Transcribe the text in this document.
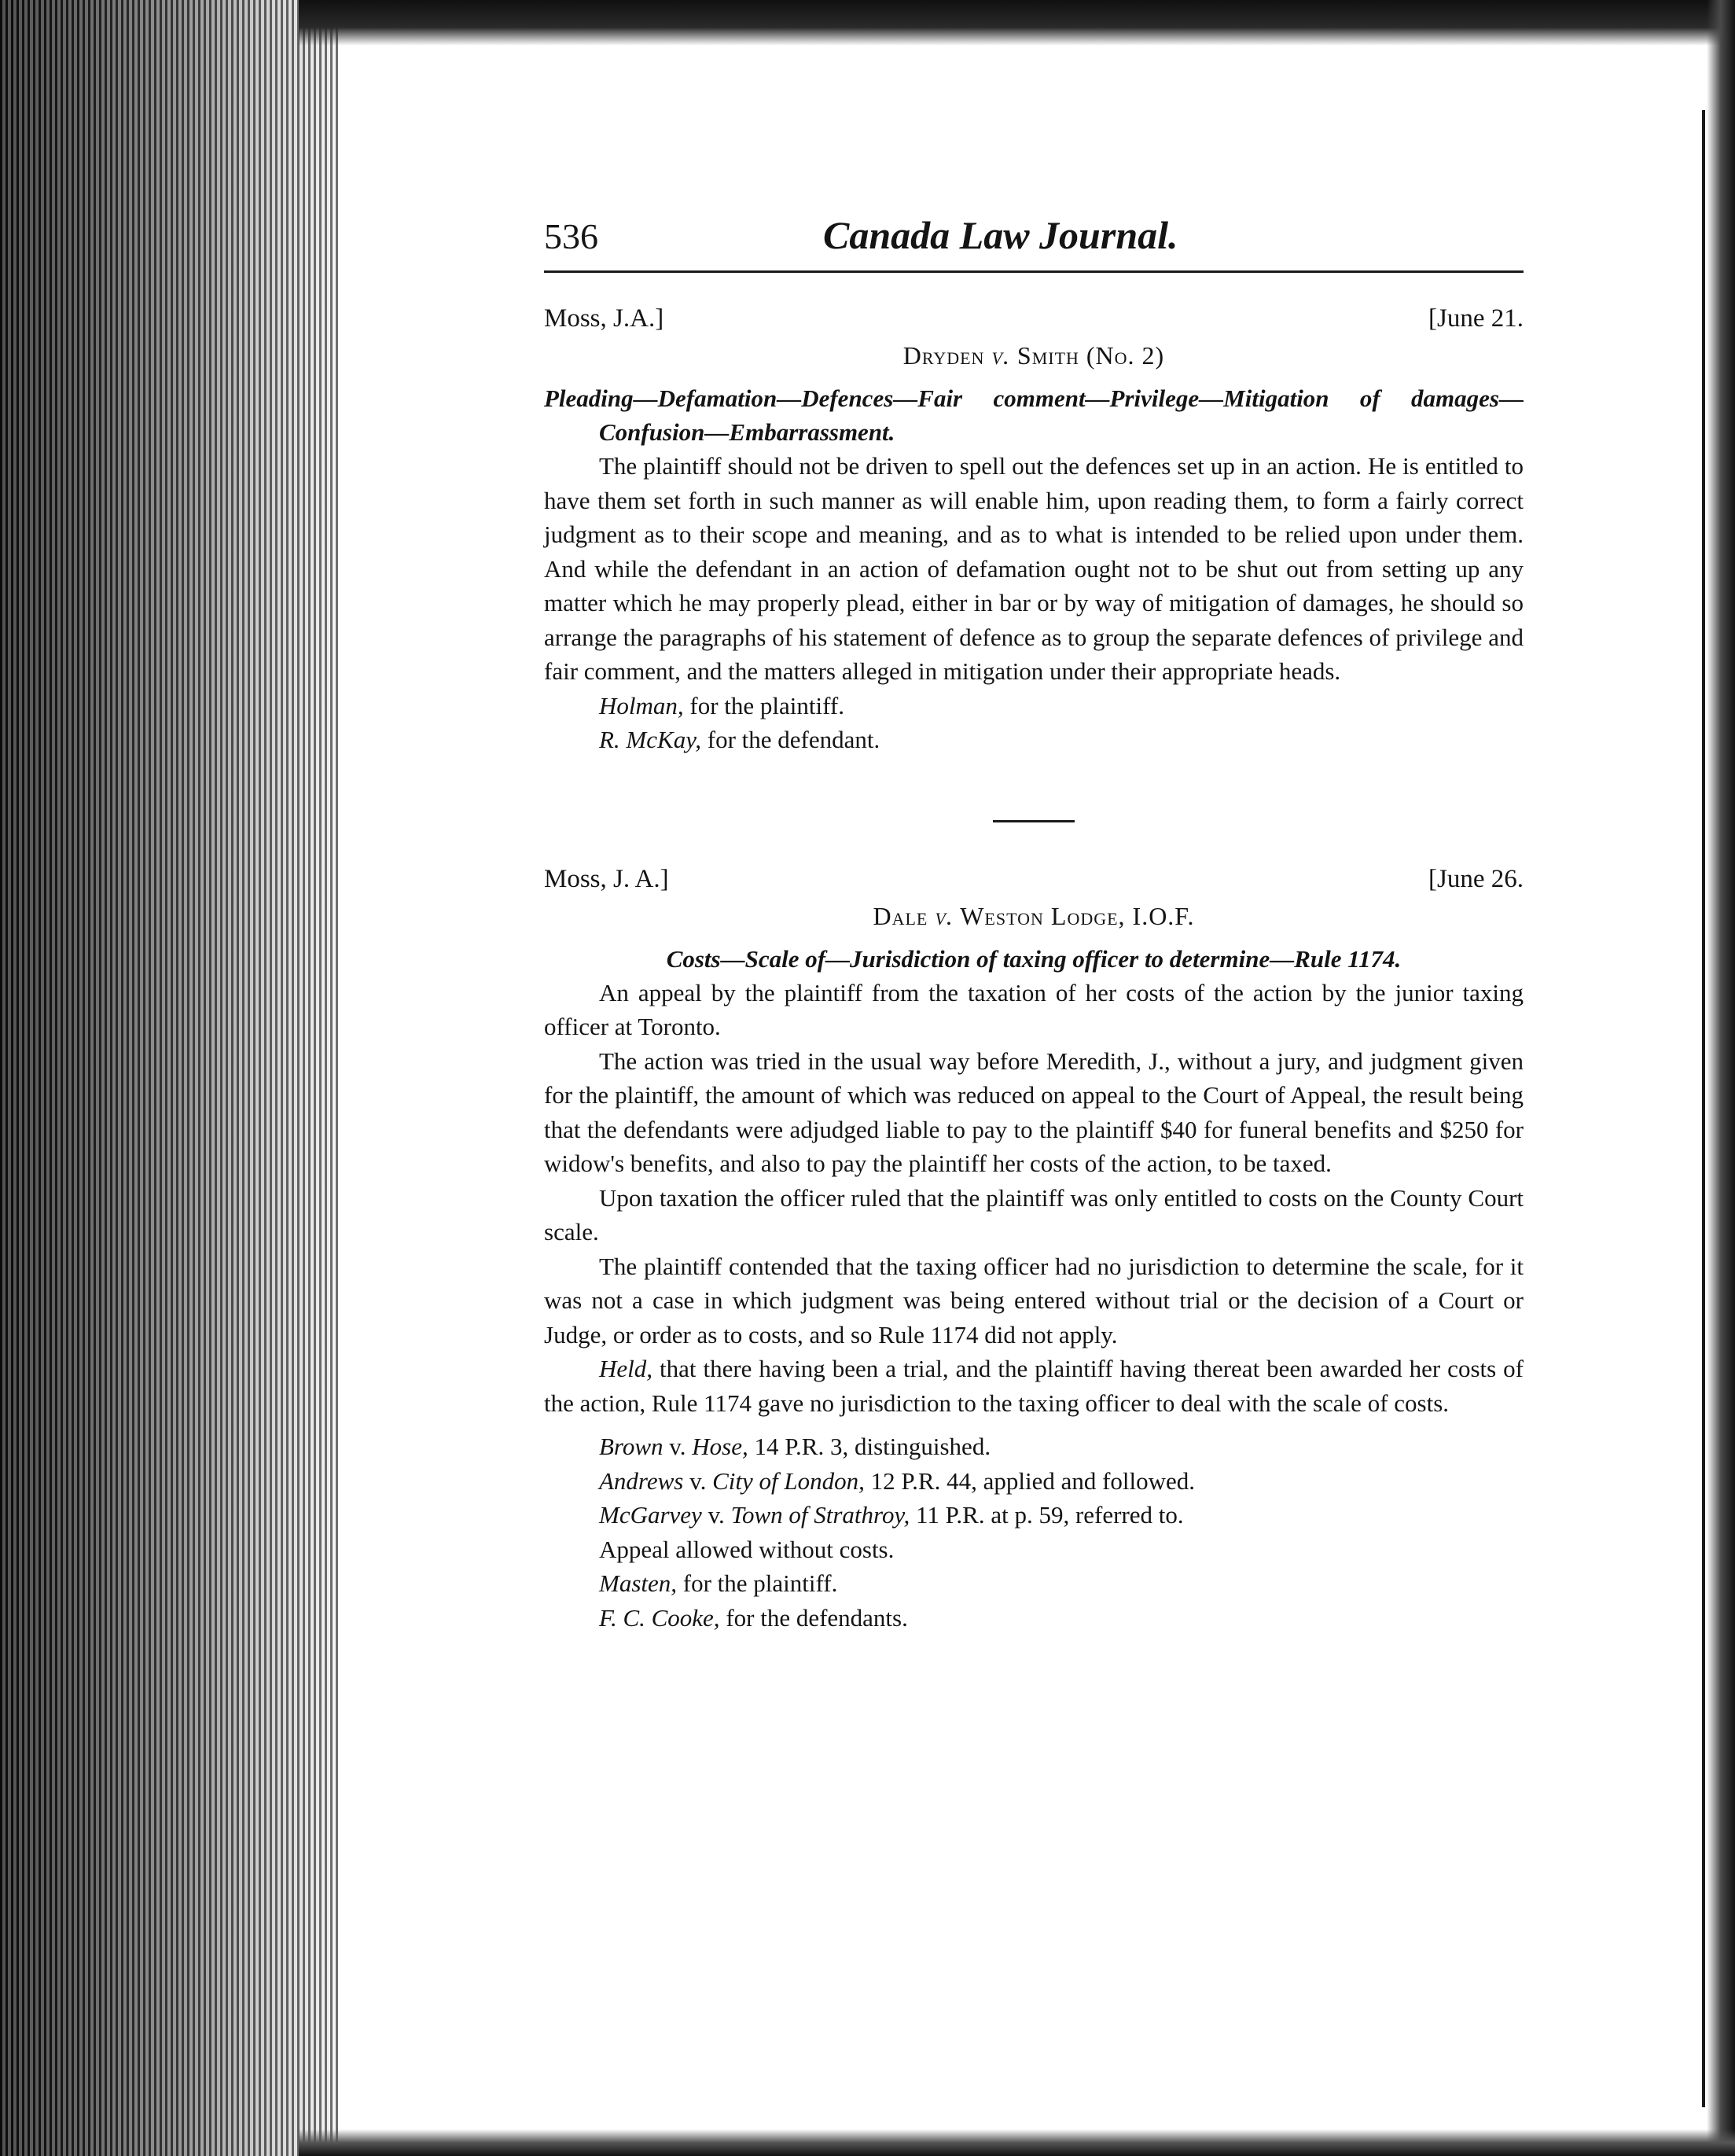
536	Canada Law Journal.
Moss, J.A.]	[June 21.
Dryden v. Smith (No. 2)
Pleading—Defamation—Defences—Fair comment—Privilege—Mitigation of damages—Confusion—Embarrassment.

The plaintiff should not be driven to spell out the defences set up in an action. He is entitled to have them set forth in such manner as will enable him, upon reading them, to form a fairly correct judgment as to their scope and meaning, and as to what is intended to be relied upon under them. And while the defendant in an action of defamation ought not to be shut out from setting up any matter which he may properly plead, either in bar or by way of mitigation of damages, he should so arrange the paragraphs of his statement of defence as to group the separate defences of privilege and fair comment, and the matters alleged in mitigation under their appropriate heads.

Holman, for the plaintiff.
R. McKay, for the defendant.
Moss, J. A.]	[June 26.
Dale v. Weston Lodge, I.O.F.
Costs—Scale of—Jurisdiction of taxing officer to determine—Rule 1174.

An appeal by the plaintiff from the taxation of her costs of the action by the junior taxing officer at Toronto.

The action was tried in the usual way before Meredith, J., without a jury, and judgment given for the plaintiff, the amount of which was reduced on appeal to the Court of Appeal, the result being that the defendants were adjudged liable to pay to the plaintiff $40 for funeral benefits and $250 for widow's benefits, and also to pay the plaintiff her costs of the action, to be taxed.

Upon taxation the officer ruled that the plaintiff was only entitled to costs on the County Court scale.

The plaintiff contended that the taxing officer had no jurisdiction to determine the scale, for it was not a case in which judgment was being entered without trial or the decision of a Court or Judge, or order as to costs, and so Rule 1174 did not apply.

Held, that there having been a trial, and the plaintiff having thereat been awarded her costs of the action, Rule 1174 gave no jurisdiction to the taxing officer to deal with the scale of costs.

Brown v. Hose, 14 P.R. 3, distinguished.
Andrews v. City of London, 12 P.R. 44, applied and followed.
McGarvey v. Town of Strathroy, 11 P.R. at p. 59, referred to.
Appeal allowed without costs.
Masten, for the plaintiff.
F. C. Cooke, for the defendants.
